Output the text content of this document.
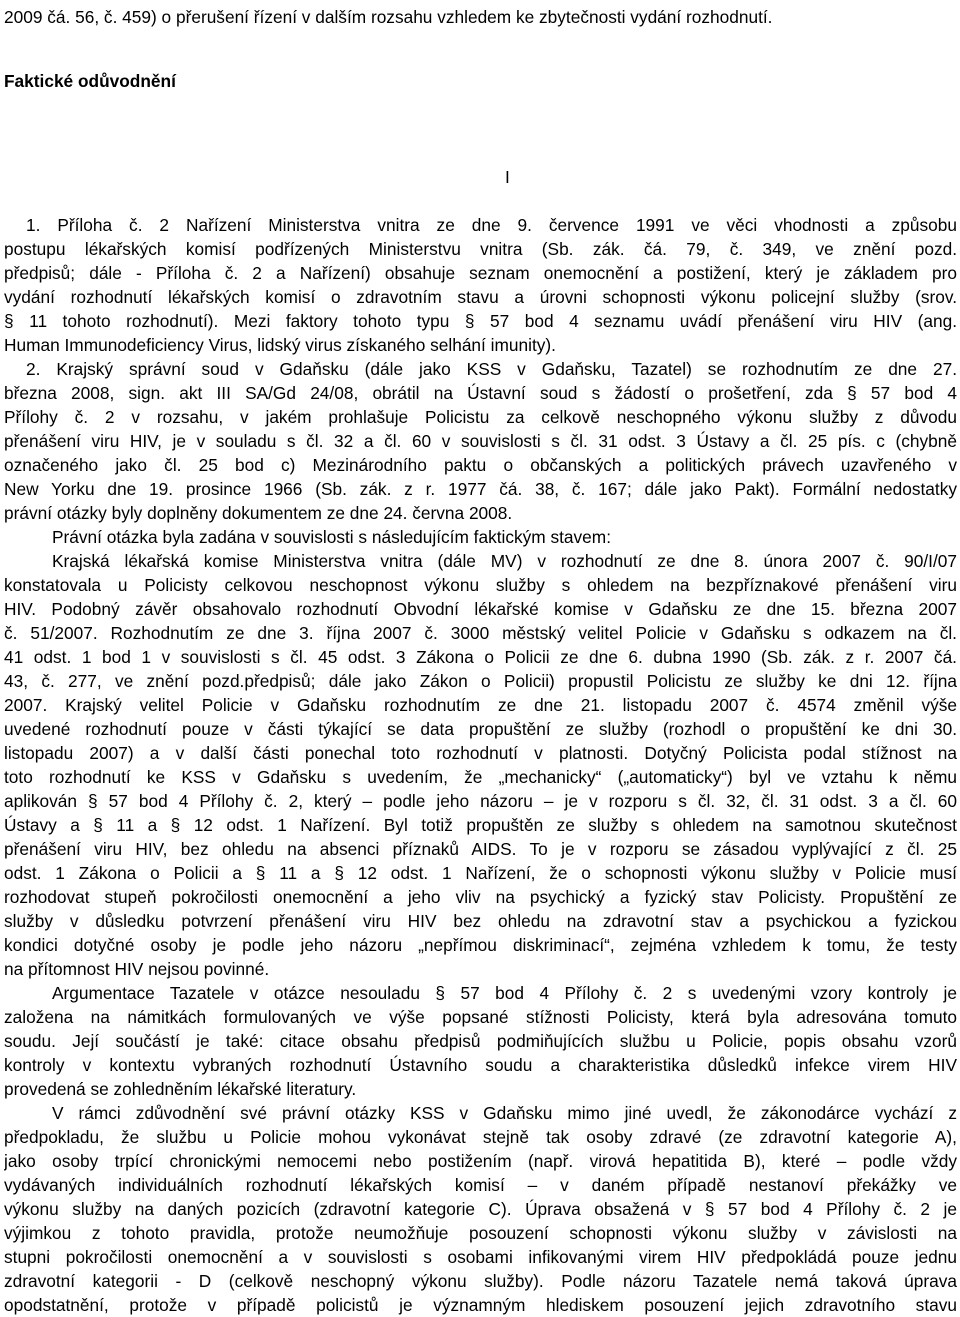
2009 čá. 56, č. 459) o přerušení řízení v dalším rozsahu vzhledem ke zbytečnosti vydání rozhodnutí.
Faktické odůvodnění
I
1. Příloha č. 2 Nařízení Ministerstva vnitra ze dne 9. července 1991 ve věci vhodnosti a způsobu
postupu lékařských komisí podřízených Ministerstvu vnitra (Sb. zák. čá. 79, č. 349, ve znění pozd.
předpisů; dále - Příloha č. 2 a Nařízení) obsahuje seznam onemocnění a postižení, který je základem pro
vydání rozhodnutí lékařských komisí o zdravotním stavu a úrovni schopnosti výkonu policejní služby (srov.
§ 11 tohoto rozhodnutí). Mezi faktory tohoto typu § 57 bod 4 seznamu uvádí přenášení viru HIV (ang.
Human Immunodeficiency Virus, lidský virus získaného selhání imunity).
2. Krajský správní soud v Gdaňsku (dále jako KSS v Gdaňsku, Tazatel) se rozhodnutím ze dne 27.
března 2008, sign. akt III SA/Gd 24/08, obrátil na Ústavní soud s žádostí o prošetření, zda § 57 bod 4
Přílohy č. 2 v rozsahu, v jakém prohlašuje Policistu za celkově neschopného výkonu služby z důvodu
přenášení viru HIV, je v souladu s čl. 32 a čl. 60 v souvislosti s čl. 31 odst. 3 Ústavy a čl. 25 pís. c (chybně
označeného jako čl. 25 bod c) Mezinárodního paktu o občanských a politických právech uzavřeného v
New Yorku dne 19. prosince 1966 (Sb. zák. z r. 1977 čá. 38, č. 167; dále jako Pakt). Formální nedostatky
právní otázky byly doplněny dokumentem ze dne 24. června 2008.
Právní otázka byla zadána v souvislosti s následujícím faktickým stavem:
Krajská lékařská komise Ministerstva vnitra (dále MV) v rozhodnutí ze dne 8. února 2007 č. 90/I/07
konstatovala u Policisty celkovou neschopnost výkonu služby s ohledem na bezpříznakové přenášení viru
HIV. Podobný závěr obsahovalo rozhodnutí Obvodní lékařské komise v Gdaňsku ze dne 15. března 2007
č. 51/2007. Rozhodnutím ze dne 3. října 2007 č. 3000 městský velitel Policie v Gdaňsku s odkazem na čl.
41 odst. 1 bod 1 v souvislosti s čl. 45 odst. 3 Zákona o Policii ze dne 6. dubna 1990 (Sb. zák. z r. 2007 čá.
43, č. 277, ve znění pozd.předpisů; dále jako Zákon o Policii) propustil Policistu ze služby ke dni 12. října
2007. Krajský velitel Policie v Gdaňsku rozhodnutím ze dne 21. listopadu 2007 č. 4574 změnil výše
uvedené rozhodnutí pouze v části týkající se data propuštění ze služby (rozhodl o propuštění ke dni 30.
listopadu 2007) a v další části ponechal toto rozhodnutí v platnosti. Dotyčný Policista podal stížnost na
toto rozhodnutí ke KSS v Gdaňsku s uvedením, že „mechanicky“ („automaticky“) byl ve vztahu k němu
aplikován § 57 bod 4 Přílohy č. 2, který – podle jeho názoru – je v rozporu s čl. 32, čl. 31 odst. 3 a čl. 60
Ústavy a § 11 a § 12 odst. 1 Nařízení. Byl totiž propuštěn ze služby s ohledem na samotnou skutečnost
přenášení viru HIV, bez ohledu na absenci příznaků AIDS. To je v rozporu se zásadou vyplývající z čl. 25
odst. 1 Zákona o Policii a § 11 a § 12 odst. 1 Nařízení, že o schopnosti výkonu služby v Policie musí
rozhodovat stupeň pokročilosti onemocnění a jeho vliv na psychický a fyzický stav Policisty. Propuštění ze
služby v důsledku potvrzení přenášení viru HIV bez ohledu na zdravotní stav a psychickou a fyzickou
kondici dotyčné osoby je podle jeho názoru „nepřímou diskriminací“, zejména vzhledem k tomu, že testy
na přítomnost HIV nejsou povinné.
Argumentace Tazatele v otázce nesouladu § 57 bod 4 Přílohy č. 2 s uvedenými vzory kontroly je
založena na námitkách formulovaných ve výše popsané stížnosti Policisty, která byla adresována tomuto
soudu. Její součástí je také: citace obsahu předpisů podmiňujících službu u Policie, popis obsahu vzorů
kontroly v kontextu vybraných rozhodnutí Ústavního soudu a charakteristika důsledků infekce virem HIV
provedená se zohledněním lékařské literatury.
V rámci zdůvodnění své právní otázky KSS v Gdaňsku mimo jiné uvedl, že zákonodárce vychází z
předpokladu, že službu u Policie mohou vykonávat stejně tak osoby zdravé (ze zdravotní kategorie A),
jako osoby trpící chronickými nemocemi nebo postižením (např. virová hepatitida B), které – podle vždy
vydávaných individuálních rozhodnutí lékařských komisí – v daném případě nestanoví překážky ve
výkonu služby na daných pozicích (zdravotní kategorie C). Úprava obsažená v § 57 bod 4 Přílohy č. 2 je
výjimkou z tohoto pravidla, protože neumožňuje posouzení schopnosti výkonu služby v závislosti na
stupni pokročilosti onemocnění a v souvislosti s osobami infikovanými virem HIV předpokládá pouze jednu
zdravotní kategorii - D (celkově neschopný výkonu služby). Podle názoru Tazatele nemá taková úprava
opodstatnění, protože v případě policistů je významným hlediskem posouzení jejich zdravotního stavu
